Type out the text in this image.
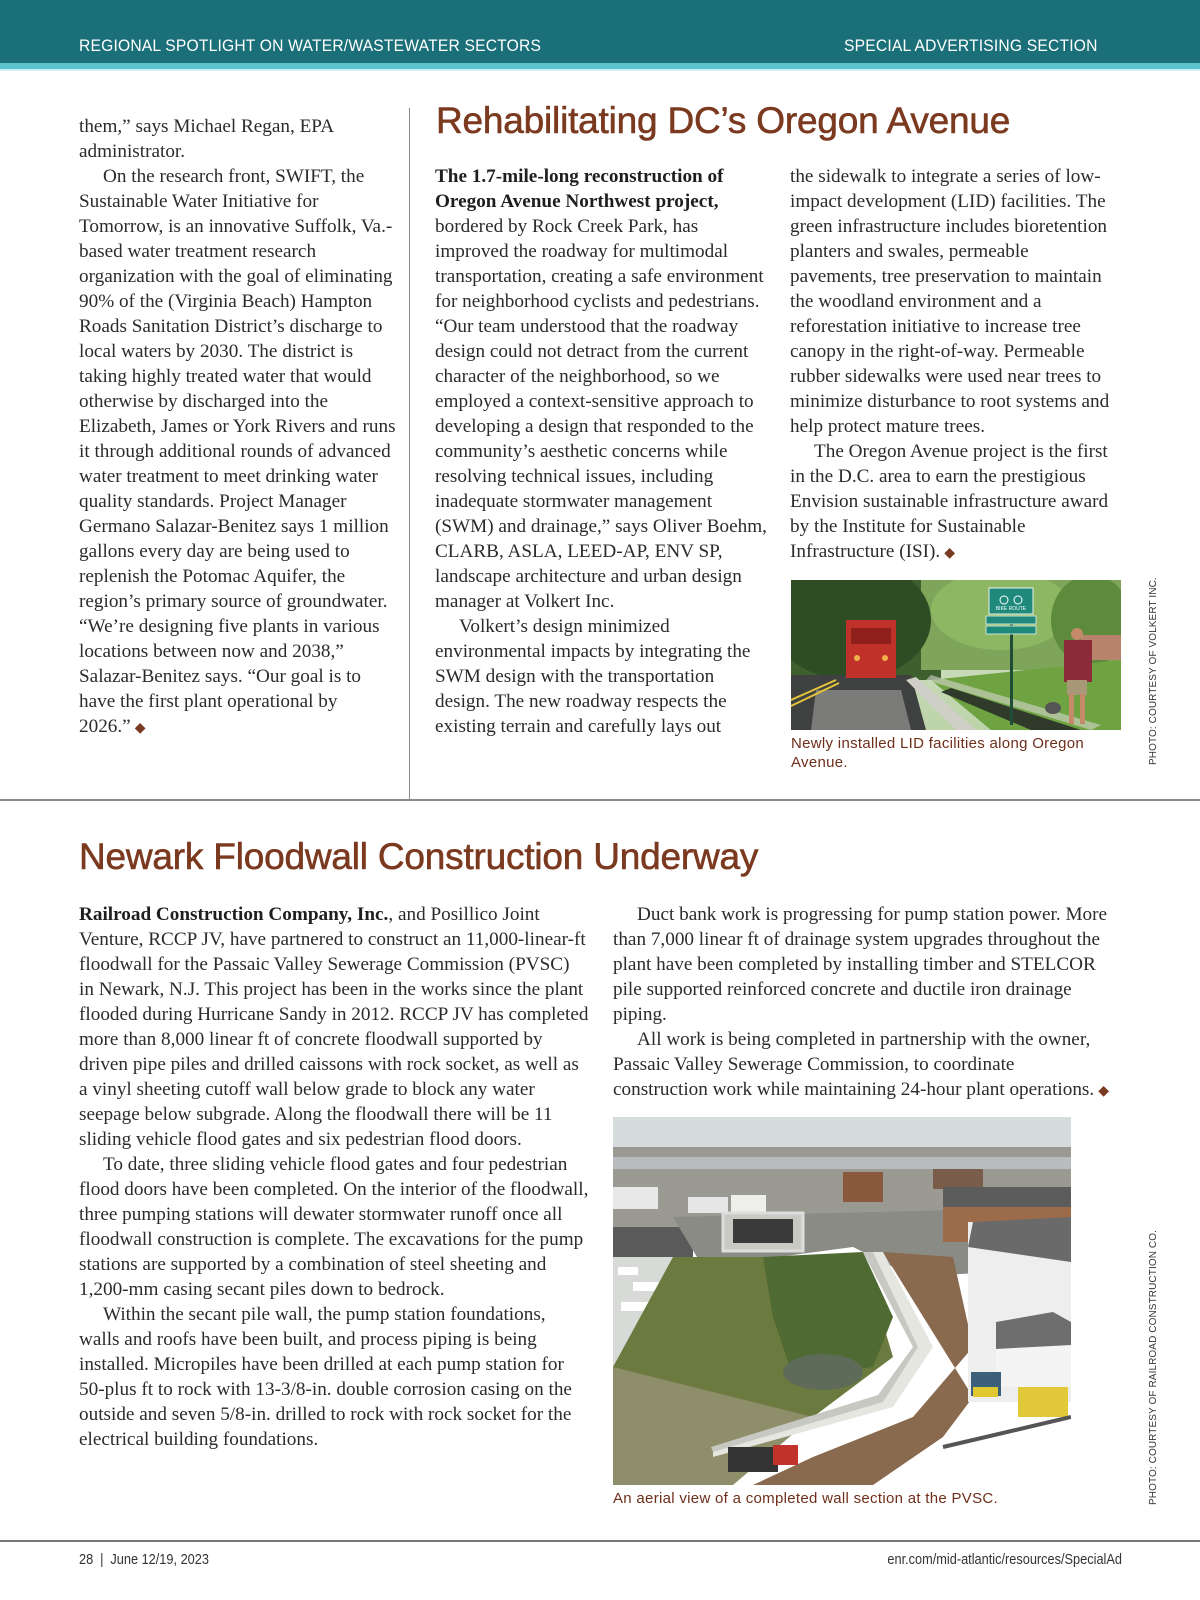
REGIONAL SPOTLIGHT ON WATER/WASTEWATER SECTORS	SPECIAL ADVERTISING SECTION

them,” says Michael Regan, EPA administrator.

On the research front, SWIFT, the Sustainable Water Initiative for Tomorrow, is an innovative Suffolk, Va.-based water treatment research organization with the goal of eliminating 90% of the (Virginia Beach) Hampton Roads Sanitation District’s discharge to local waters by 2030. The district is taking highly treated water that would otherwise by discharged into the Elizabeth, James or York Rivers and runs it through additional rounds of advanced water treatment to meet drinking water quality standards. Project Manager Germano Salazar-Benitez says 1 million gallons every day are being used to replenish the Potomac Aquifer, the region’s primary source of groundwater. “We’re designing five plants in various locations between now and 2038,” Salazar-Benitez says. “Our goal is to have the first plant operational by 2026.” ◆

Rehabilitating DC’s Oregon Avenue

The 1.7-mile-long reconstruction of Oregon Avenue Northwest project, bordered by Rock Creek Park, has improved the roadway for multimodal transportation, creating a safe environment for neighborhood cyclists and pedestrians. “Our team understood that the roadway design could not detract from the current character of the neighborhood, so we employed a context-sensitive approach to developing a design that responded to the community’s aesthetic concerns while resolving technical issues, including inadequate stormwater management (SWM) and drainage,” says Oliver Boehm, CLARB, ASLA, LEED-AP, ENV SP, landscape architecture and urban design manager at Volkert Inc.

Volkert’s design minimized environmental impacts by integrating the SWM design with the transportation design. The new roadway respects the existing terrain and carefully lays out

the sidewalk to integrate a series of low-impact development (LID) facilities. The green infrastructure includes bioretention planters and swales, permeable pavements, tree preservation to maintain the woodland environment and a reforestation initiative to increase tree canopy in the right-of-way. Permeable rubber sidewalks were used near trees to minimize disturbance to root systems and help protect mature trees.

The Oregon Avenue project is the first in the D.C. area to earn the prestigious Envision sustainable infrastructure award by the Institute for Sustainable Infrastructure (ISI). ◆

BIKE ROUTE
Newly installed LID facilities along Oregon Avenue.	PHOTO: COURTESY OF VOLKERT INC.
Newark Floodwall Construction Underway

Railroad Construction Company, Inc., and Posillico Joint Venture, RCCP JV, have partnered to construct an 11,000-linear-ft floodwall for the Passaic Valley Sewerage Commission (PVSC) in Newark, N.J. This project has been in the works since the plant flooded during Hurricane Sandy in 2012. RCCP JV has completed more than 8,000 linear ft of concrete floodwall supported by driven pipe piles and drilled caissons with rock socket, as well as a vinyl sheeting cutoff wall below grade to block any water seepage below subgrade. Along the floodwall there will be 11 sliding vehicle flood gates and six pedestrian flood doors.

To date, three sliding vehicle flood gates and four pedestrian flood doors have been completed. On the interior of the floodwall, three pumping stations will dewater stormwater runoff once all floodwall construction is complete. The excavations for the pump stations are supported by a combination of steel sheeting and 1,200-mm casing secant piles down to bedrock.

Within the secant pile wall, the pump station foundations, walls and roofs have been built, and process piping is being installed. Micropiles have been drilled at each pump station for 50-plus ft to rock with 13-3/8-in. double corrosion casing on the outside and seven 5/8-in. drilled to rock with rock socket for the electrical building foundations.

Duct bank work is progressing for pump station power. More than 7,000 linear ft of drainage system upgrades throughout the plant have been completed by installing timber and STELCOR pile supported reinforced concrete and ductile iron drainage piping.

All work is being completed in partnership with the owner, Passaic Valley Sewerage Commission, to coordinate construction work while maintaining 24-hour plant operations. ◆

An aerial view of a completed wall section at the PVSC.	PHOTO: COURTESY OF RAILROAD CONSTRUCTION CO.
28 | June 12/19, 2023	enr.com/mid-atlantic/resources/SpecialAd
